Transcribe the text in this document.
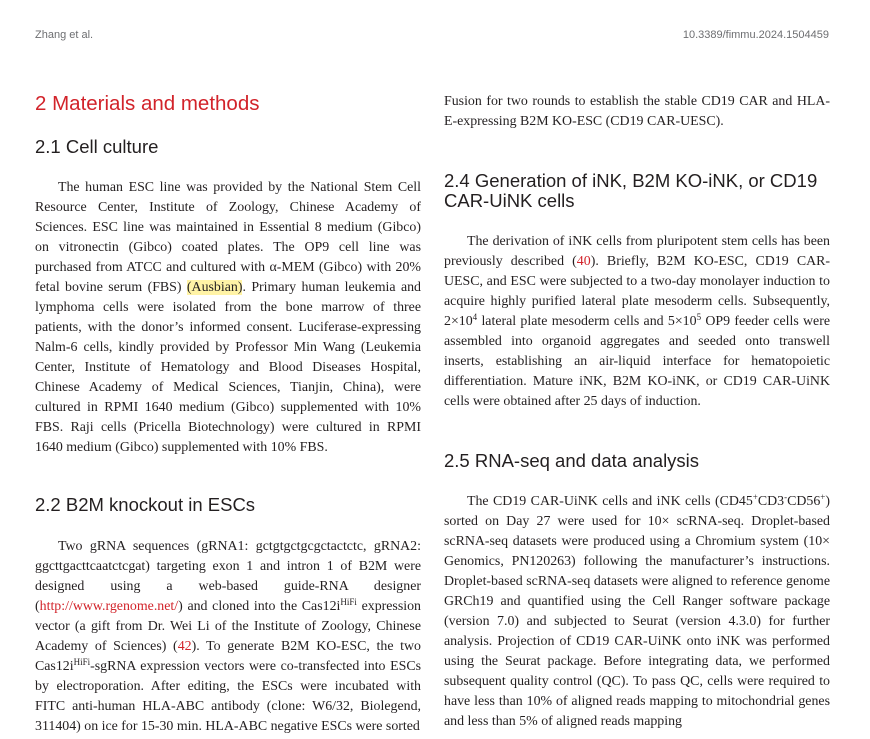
Zhang et al.	10.3389/fimmu.2024.1504459
2 Materials and methods
2.1 Cell culture

The human ESC line was provided by the National Stem Cell Resource Center, Institute of Zoology, Chinese Academy of Sciences. ESC line was maintained in Essential 8 medium (Gibco) on vitronectin (Gibco) coated plates. The OP9 cell line was purchased from ATCC and cultured with α-MEM (Gibco) with 20% fetal bovine serum (FBS) (Ausbian). Primary human leukemia and lymphoma cells were isolated from the bone marrow of three patients, with the donor’s informed consent. Luciferase-expressing Nalm-6 cells, kindly provided by Professor Min Wang (Leukemia Center, Institute of Hematology and Blood Diseases Hospital, Chinese Academy of Medical Sciences, Tianjin, China), were cultured in RPMI 1640 medium (Gibco) supplemented with 10% FBS. Raji cells (Pricella Biotechnology) were cultured in RPMI 1640 medium (Gibco) supplemented with 10% FBS.

2.2 B2M knockout in ESCs

Two gRNA sequences (gRNA1: gctgtgctgcgctactctc, gRNA2: ggcttgacttcaatctcgat) targeting exon 1 and intron 1 of B2M were designed using a web-based guide-RNA designer (http://www.rgenome.net/) and cloned into the $Cas12i^{HiFi}$ expression vector (a gift from Dr. Wei Li of the Institute of Zoology, Chinese Academy of Sciences) (42). To generate B2M KO-ESC, the two $Cas12i^{HiFi}$-sgRNA expression vectors were co-transfected into ESCs by electroporation. After editing, the ESCs were incubated with FITC anti-human HLA-ABC antibody (clone: W6/32, Biolegend, 311404) on ice for 15-30 min. HLA-ABC negative ESCs were sorted

Fusion for two rounds to establish the stable CD19 CAR and HLA-E-expressing B2M KO-ESC (CD19 CAR-UESC).

2.4 Generation of iNK, B2M KO-iNK, or CD19 CAR-UiNK cells

The derivation of iNK cells from pluripotent stem cells has been previously described (40). Briefly, B2M KO-ESC, CD19 CAR-UESC, and ESC were subjected to a two-day monolayer induction to acquire highly purified lateral plate mesoderm cells. Subsequently, $2\times 10^4$ lateral plate mesoderm cells and $5\times 10^5$ OP9 feeder cells were assembled into organoid aggregates and seeded onto transwell inserts, establishing an air-liquid interface for hematopoietic differentiation. Mature iNK, B2M KO-iNK, or CD19 CAR-UiNK cells were obtained after 25 days of induction.

2.5 RNA-seq and data analysis

The CD19 CAR-UiNK cells and iNK cells (CD45+CD3-CD56+) sorted on Day 27 were used for 10× scRNA-seq. Droplet-based scRNA-seq datasets were produced using a Chromium system (10× Genomics, PN120263) following the manufacturer’s instructions. Droplet-based scRNA-seq datasets were aligned to reference genome GRCh19 and quantified using the Cell Ranger software package (version 7.0) and subjected to Seurat (version 4.3.0) for further analysis. Projection of CD19 CAR-UiNK onto iNK was performed using the Seurat package. Before integrating data, we performed subsequent quality control (QC). To pass QC, cells were required to have less than 10% of aligned reads mapping to mitochondrial genes and less than 5% of aligned reads mapping
